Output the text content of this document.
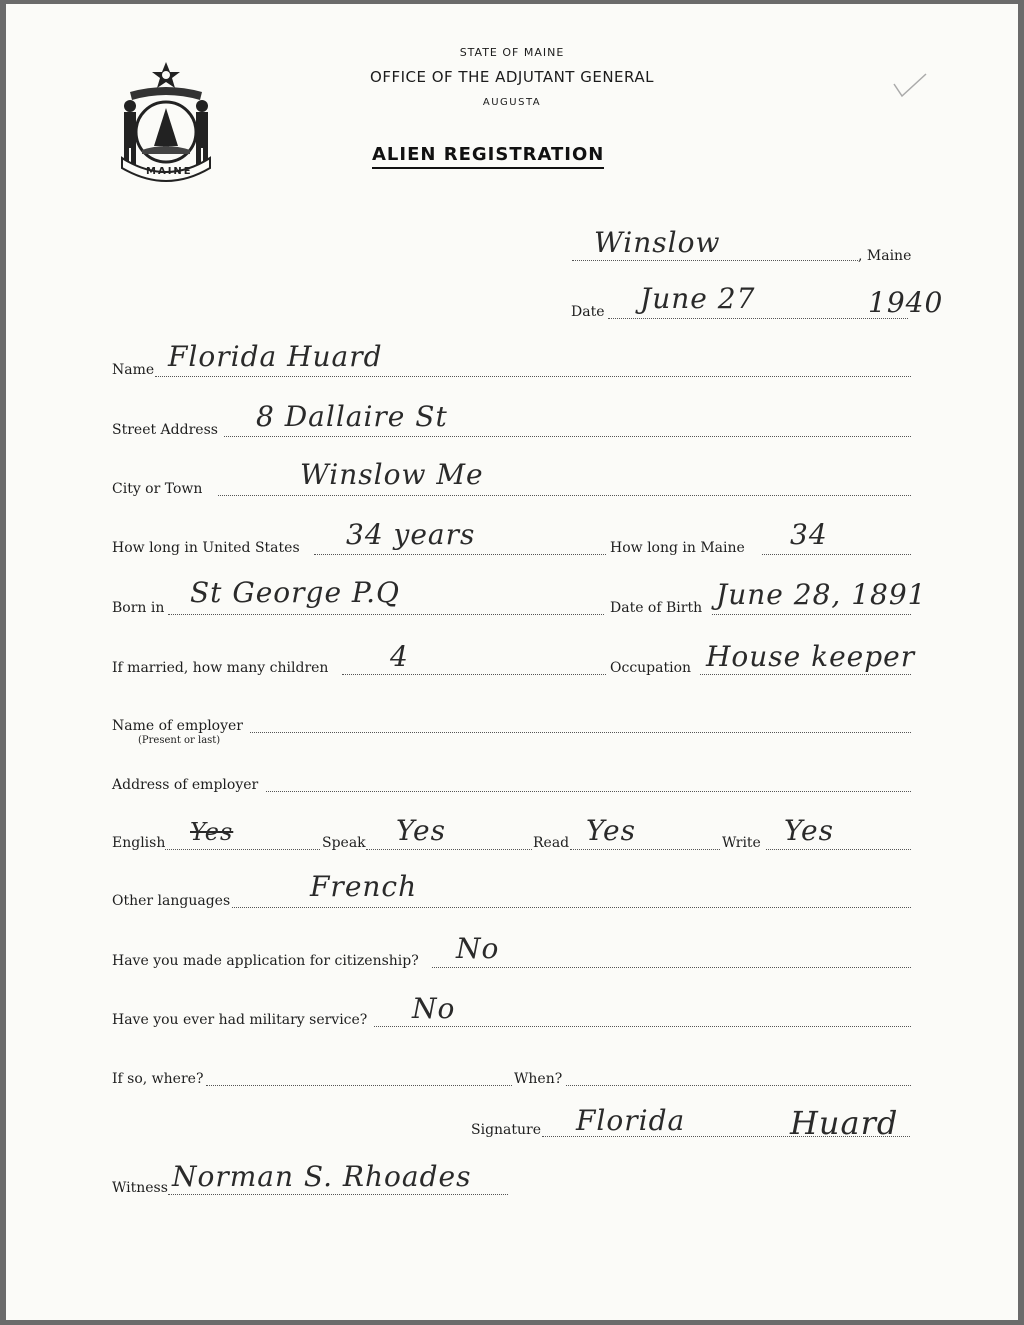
MAINE
STATE OF MAINE
OFFICE OF THE ADJUTANT GENERAL
AUGUSTA
ALIEN REGISTRATION
Winslow	, Maine
Date June 27	1940
Name Florida Huard
Street Address 8 Dallaire St
City or Town	Winslow Me
How long in United States 34 years	How long in Maine 34
Born in St George P.Q	Date of Birth June 28, 1891
If married, how many children 4	Occupation House keeper
Name of employer
(Present or last)
Address of employer
English Yes	Speak Yes	Read Yes	Write Yes
Other languages	French
Have you made application for citizenship? No
Have you ever had military service? No
If so, where?	When?
Signature Florida	Huard
Witness Norman S. Rhoades
